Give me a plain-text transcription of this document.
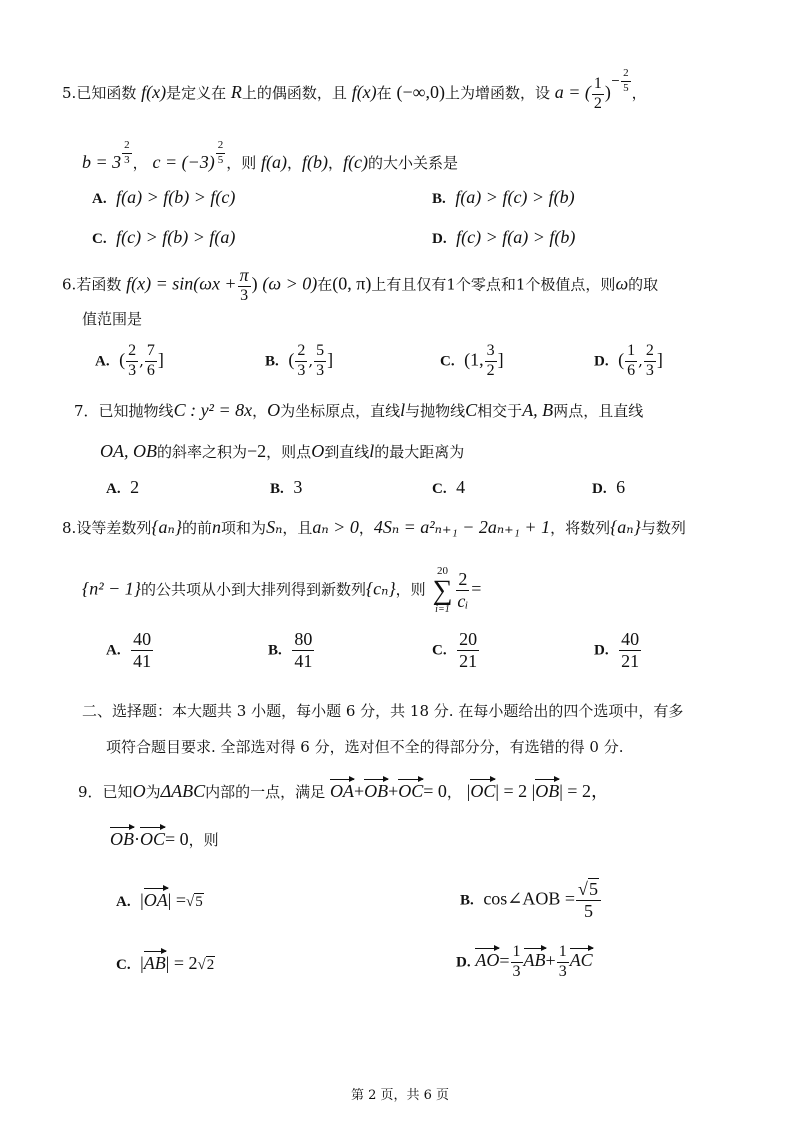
5.已知函数 f(x)是定义在 R上的偶函数，且 f(x)在 (−∞,0)上为增函数，设 a = ( $\frac{1}{2} )^{- \frac{2}{5}}$ ，
b = 3 $^{\frac{2}{3}}$ ， c = (−3) $^{\frac{2}{5}}$ ，则 f(a)，f(b)，f(c)的大小关系是
A. f(a) > f(b) > f(c)	B. f(a) > f(c) > f(b)
C. f(c) > f(b) > f(a)	D. f(c) > f(a) > f(b)
6.若函数 $f(x) = \sin(\omega x + \frac{\pi}{3}$ ) (ω > 0)在(0, π)上有且仅有1个零点和1个极值点，则ω的取
值范围是
A. ( $\frac{2}{3}$ , $\frac{7}{6}$ ]	B. ( $\frac{2}{3}$ , $\frac{5}{3}$ ]	C. (1, $\frac{3}{2}$ ]	D. ( $\frac{1}{6}$ , $\frac{2}{3}$ ]
7．已知抛物线C : y² = 8x，O为坐标原点，直线l与抛物线C相交于A, B两点，且直线
OA, OB的斜率之积为−2，则点O到直线l的最大距离为
A. 2	B. 3	C. 4	D. 6
8.设等差数列{aₙ}的前n项和为Sₙ，且aₙ > 0，4Sₙ = a²ₙ₊₁ − 2aₙ₊₁ + 1，将数列{aₙ}与数列
{n² − 1}的公共项从小到大排列得到新数列{cₙ}，则
20
∑
$i=1 \frac{2}{\text{cᵢ}}$ =
A. $\frac{40}{41}$	B. $\frac{80}{41}$	C. $\frac{20}{21}$	D. $\frac{40}{21}$
二、选择题：本大题共 3 小题，每小题 6 分，共 18 分. 在每小题给出的四个选项中，有多
项符合题目要求. 全部选对得 6 分，选对但不全的得部分分，有选错的得 0 分.
9．已知O为ΔABC内部的一点，满足 OA+OB+OC= 0， |OC| = 2 |OB| = 2，
OB·OC= 0，则
A. |OA| =√5	B. cos∠AOB = $\frac{√5}{5}$
C. |AB| = 2√2	D. $AO= \frac{1}{3} AB+ \frac{1}{3}$ AC
第 2 页，共 6 页
